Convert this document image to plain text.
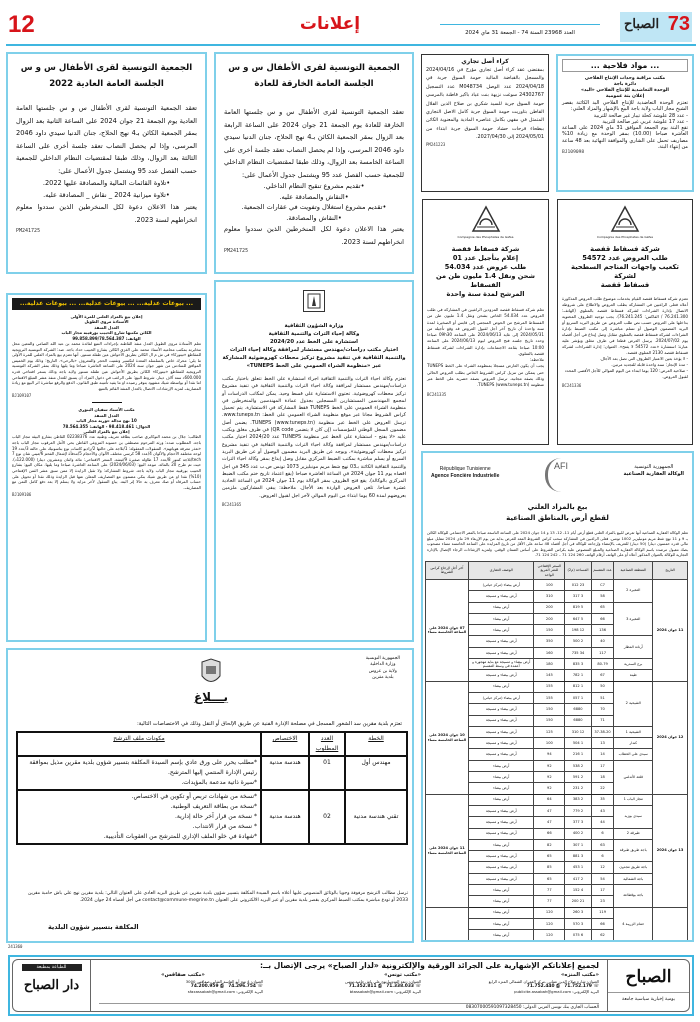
12	إعلانات	العدد 23968 السنة 74 - الجمعة 31 ماي 2024	73
الصباح
الجمعية التونسية لقرى الأطفال س و س
الجلسة العامة العادية 2022
تعقد الجمعية التونسية لقرى الأطفال س و س جلستها العامة العادية يوم الجمعة 21 جوان 2024 على الساعة الثانية بعد الزوال بمقر الجمعية الكائن بـ4 نهج الحلاج، جنان الدنيا سيدي داود 2046 المرسى، وإذا لم يحصل النصاب تعقد جلسة أخرى على الساعة الثالثة بعد الزوال، وذلك طبقا لمقتضيات النظام الداخلي للجمعية حسب الفصل عدد 95 ويشتمل جدول الأعمال على:
•تلاوة القائمات المالية والمصادقة عليها 2022.
•تلاوة ميزانية 2024 _ نقاش _ المصادقة عليه.
يعتبر هذا الاعلان دعوة لكل المنخرطين الذين سددوا معلوم انخراطهم لسنة 2023.
PM241725
الجمعية التونسية لقرى الأطفال س و س
الجلسة العامة الخارقة للعادة
تعقد الجمعية التونسية لقرى الأطفال س و س جلستها العامة الخارقة للعادة يوم الجمعة 21 جوان 2024 على الساعة الرابعة بعد الزوال بمقر الجمعية الكائن بـ4 نهج الحلاج، جنان الدنيا سيدي داود 2046 المرسى، وإذا لم يحصل النصاب تعقد جلسة أخرى على الساعة الخامسة بعد الزوال، وذلك طبقا لمقتضيات النظام الداخلي للجمعية حسب الفصل عدد 95 ويشتمل جدول الأعمال على:
•تقديم مشروع تنقيح النظام الداخلي.
•النقاش والمصادقة عليه.
•تقديم مشروع استغلال وتفويت في عقارات الجمعية.
•النقاش والمصادقة.
يعتبر هذا الاعلان دعوة لكل المنخرطين الذين سددوا معلوم انخراطهم لسنة 2023.
PM241725
كراء أصل تجاري
بمقتضى عقد كراء أصل تجاري مؤرخ في 2024/04/16 والمسجل بالقباضة المالية حومة السوق جربة في 2024/04/18 عدد الوصل M048734 عدد التسجيل 24302767 سوغت نزيهة بنت عياد باكير قاطنة بالمرسى حومة السوق جربة للسيد شكري بن صلاح الدين الفلال القاطن بتاوريت حومة السوق جربة كامل الاصل التجاري المتمثل في مقهى بكامل عناصره المادية والمعنوية الكائن ببطحاء فرحات حشاد حومة السوق جربة ابتداء من 2024/05/01 إلى 2027/04/30.
PM241223
... مواد فلاحية ...
مكتب مراقبة وحدات الإنتاج الفلاحي
دائرة باجة
الوحدة التعاضدية للإنتاج الفلاحي «البد»
إعلان بتة عمومية
تعتزم الوحدة التعاضدية للإنتاج الفلاحي البد الكائنة بقصر الشيخ مجاز الباب ولاية باجة البيع بالإشهار والمزاد العلني:
- عدد 28 علوشة كحلة تيبار غير صالحة للتربية
- عدد 17 علوشة عربي غير صالحة للتربية
تقع البتة يوم الجمعة الموافق 31 ماي 2024 على الساعة العاشرة صباحا (10.00) بمقر الوحدة مع زيادة 10% مصاريف تحمل على الشاري والموافقة النهائية بعد 48 ساعة من إنتهاء البتة.
BJ109098
Compagnie des Phosphates de Gafsa
شركة فسفاط قفصة
إعلام بتأجيل عدد 01
طلب عروض عدد 54.034
شحن ونقل 1.4 مليون طن من الفسفاط
المرشح لمدة سنة واحدة
تعلم شركة فسفاط قفصة المزودين الراغبين في المشاركة في طلب العروض عدد 54.034 الخاص بشحن ونقل 1.4 مليون طن من الفسفاط المرشح من الحوض المنجمي إلى قابس أو الصخيرة لمدة سنة واحدة أن تاريخ آخر أجل لقبول العروض قد وقع تأجيله من 2024/05/31 إلى غاية 2024/06/13 على الساعة 09h30 صباحا وحدد تاريخ جلسة فتح العروض ليوم 2024/06/13 على الساعة 10:00 صباحا بقاعة الاجتماعات بإدارة الشراءات لشركة فسفاط قفصة بالمتلوي.
ملاحظة:
يجب أن يكون العارض مسجلا بمنظومة الشراء على الخط TUNEPS حتى يتمكن من تنزيل كراس الشروط الخاص بطلب العروض الحالي وذلك بصفة مجانية. ترسل العروض بصفة حصرية على الخط عبر منظومة TUNEPS (www.tuneps.tn).
BC241335
Compagnie des Phosphates de Gafsa
شركة فسفاط قفصة
طلب العروض عدد 54572
تكعيب واجهات المناجم السطحية لشركة
فسفاط قفصة
تعتزم شركة فسفاط قفصة القيام بخدمات موضوع طلب العروض المذكورة أعلاه فعلى الراغبين في المشاركة بطلب العروض والاطلاع على شروطه الاتصال بإدارة الشراءات لشركة فسفاط قفصة بالمتلوي (الهاتف: 76.241.300 / الفاكس: 76.241.245). يجب توجيه الظروف المحتوية بداخلها على العروض حسب نص طلب العروض عن طريق البريد السريع أو البريد المضمون الوصول أو تسلم مباشرة إلى مكتب الضبط بإدارة الشراءات لشركة فسفاط قفصة بالمتلوي مقابل وصل إيداع في أجل أقصاه يوم 2024/07/02. يرسل العرض قطعا في ظرف مغلق ويؤشر عليه عبارة: استشارة «عدد 54572 لا يفتح». العنوان: إدارة الشراءات لشركة فسفاط قفصة 2130 المتلوي قفصة.
- لا يؤخذ بعين الاعتبار الظروف التي تصل بعد الأجال.
- مدة الإنجاز: سنة واحدة قابلة للتجديد مرتين.
- صلاحية العرض: 120 يوما ابتداء من اليوم الموالي للأجل الأقصى المحدد لقبول العروض.
BC241336
وزارة الشؤون الثقافية
وكالة إحياء التراث والتنمية الثقافية
استشارة على الخط عدد 2024/20
اختيار مكتب دراسات/مهندس مستشار لمرافقة وكالة إحياء التراث والتنمية الثقافية في تنفيذ مشروع تركيز محطات كهروضوئية المشاركة عبر «منظومة الشراء العمومي على الخط TUNEPS»
تعتزم وكالة احياء التراث والتنمية الثقافية اجراء استشارة على الخط تتعلق باختيار مكتب دراسات/مهندس مستشار لمرافقة وكالة احياء التراث والتنمية الثقافية في تنفيذ مشروع تركيز محطات كهروضوئية. تحتوي الاستشارة على قسط وحيد. يمكن لمكاتب الدراسات أو لمجمع المهندسين المستشارين المسجلين بجدول عمادة المهندسين والمنخرطين في منظومة الشراء العمومي على الخط TUNEPS فقط المشاركة في الاستشارة. يتم تحميل كراس الشروط مجانا عبر موقع منظومة الشراء العمومي على الخط: www.tuneps.tn. ترسل العروض على الخط عبر منظومة (www.tuneps.tn) TUNEPS. يضمن أصل مضمون السجل الوطني للمؤسسات (إن كان لا يتضمن QR code) في ظرف مغلق ويكتب عليه «لا يفتح - استشارة على الخط عبر منظومة TUNEPS عدد 2024/20 اختيار مكتب دراسات/مهندس مستشار لمرافقة وكالة احياء التراث والتنمية الثقافية في تنفيذ مشروع تركيز محطات كهروضوئية»، ويوجه عن طريق البريد مضمون الوصول أو عن طريق البريد السريع أو يسلم مباشرة بمكتب الضبط المركزي مقابل وصل إيداع بمقر وكالة احياء التراث والتنمية الثقافية الكائنة بـ03 نهج شط مريم مونبليزير 1073 تونس ص.ب عدد 345 في اجل اقصاه يوم 11 جوان 2024 في الساعة العاشرة صباحا (يقع اعتماد تاريخ ختم مكتب الضبط المركزي بالوكالة). يقع فتح الظروف بمقر الوكالة يوم 11 جوان 2024 في الساعة الحادية عشرة صباحا. تلغى العروض الواردة بعد الأجال. ملاحظة: يبقى المشاركون ملزمين بعروضهم لمدة 60 يوما ابتداء من اليوم الموالي لآخر اجل لقبول العروض.
BC241365
... بيوعات عدلية... ... بيوعات عدلية... ... بيوعات عدلية...
إعلان بيع بالمزاد العلني للمرة الأولى
الأستاذة مروى الطويل
العدل المنفذ
الكائن مكتبها شارع الحبيب بورقيبة مجاز الباب
الهاتف: 99.858.899/78.564.387
تعلم الأستاذة مروى الطويل العدل منفذ القاطنة بإجراءات التتبع لفائدة محمد بن عبد الله الصامي والمعين محل مخابرته بمكتب محاميه الأستاذ محمد علي الغزي الكائن بشارع الحبيب حداد باجة. ضد: الشركة التونسية النرويجية للمقاطع «تيتوركا» في ش م ال الكائن بطريق الأحواش عين طفلة تستور. أنها تعتزم بيع بالمزاد العلني للمرة الأولى ما يلي: محرك خاص بالسلسلة المعدة لتكسير وتفتيت الحجر والمعروف «بالرحى». التاريخ: وذلك يوم الخميس الموافق للسادس من شهر جوان سنة 2024 على الساعة العاشرة صباحا وما يليها وذلك بمقر الشركة التونسية النرويجية للمقاطع «تيتوركا» الكائن بطريق الأحواش عين طفلة تستور ولاية باجة وذلك بسعر افتتاحي قدره 600.000د ستة آلاف دينار. شروط البيع: على الراغب في دخول المزاد أن يسبق للعدل منفذ عشر المبلغ الافتتاحي اما نقدا أو بواسطة شيك مشهود بتوفر رصيده او ما يفيد تأمينه طبق القانون. الدفع والرفع مباشرة اثر البيع مع زيادة المصاريف لمزيد الإرشادات الاتصال بالعدل المنفذ القائم بالتتبع.
BJ109107
مكتب الأستاذ سفيان البنوري
العدل المنفذ
10 نهج مدالة حورية مجاز الباب
الجوال: 98.418.461 - الهاتف: 78.564.355
إعلان بيع بالمزاد العلني
الطالب: جلال بن محمد التوكابري صاحب بطاقة تعريف وطنية عدد 02238376 القاطن بشارع البيئة مجاز الباب باجة. المطلوب ضده: ورثة المرحوم مصطفى بن حسونة المزوغي القاطن بحي الأمل العرقوب مجاز الباب باجة «تعذر معرفة هوياتهم». المنقولات المعقولة: 1/ثلاجة على حالتها 2/راديو كاسات نوع بناسونيك على حالته 3/عدد 19 لوحة مختلفة الأحجام والألوان 4/عدد 58 كرسي مختلف الألوان والأحجام 5/مدفأة لإشعال الفحم 6/ميني شان نوع 7 tech/ثلاجة كنتور 8/عدد 17 طاولة صغيرة 9/ثيشة. السعر الافتتاحي: مائة واثنان وعشرون دينارا (122.000د). حيث تم طرح 20 بالمائة. موعد البيع: (2024/06/03) على الساعة العاشرة صباحا وما يليها. مكان البيع: بشارع الحبيب بورقيبة مجاز الباب ولاية باجة. شروط المشاركة: ولا تقبل الزايدة إلا ممن سبق عشر الثمن الإفتتاحي (10%) نقدا او عن طريق شيك بنكي مضمون مع المصاريف المعلن عنها قبل الزايدة وذلك نقدا أو تحويل على حساب المرفاه أو صك معرف به حالا إثر البتة. يباع المنقول لأخر مزايد ولا يسلم إلا بعد دفع كامل الثمن مع المصاريف.
BJ109106
الجمهورية التونسية
الوكالة العقارية الصناعية
AFI
République Tunisienne
Agence Foncière Industrielle
بيع بالمزاد العلني
لقطع أرض بالمناطق الصناعية
تعلم الوكالة العقارية الصناعية أنها تعرض للبيع بالمزاد العلني قطع أرض أيام 11، 12، 13 و 14 جوان 2024 على الساعة التاسعة صباحا بالمقر الاجتماعي للوكالة الكائن بـ 9 و 11 نهج شط مريم مونبليزير 1002 تونس. فعلى الراغبين في المشاركة سحب كراس الشروط المعد للعرض بداية من يوم الإربعاء 29 ماي 2024 مقابل مبلغ مالي قدره خمسون دينارا (50 دينار) للتعريف بالإمضاء وإرجاعه للوكالة في أجل أقصاه 48 ساعة على الأقل من تاريخ المزايدة على الساعة الخامسة مساء مصحوب بصك مقبول مرصده باسم الوكالة العقارية الصناعية والمبلغ المنصوص عليه بكراس الشروط على أساس الضمان الوقتي. ولمزيد الإرشادات الرجاء الإتصال بالإدارة التجارية للوكالة بالعنوان المذكور أعلاه أو على الهاتف أرقام الهاتف 260 124 71 – 242 124 71.
التاريخ	المنطقة الصناعية	عدد المقسم	المساحة (م2)	السعر الإفتتاحي للمتر المربع الواحد	الوصف العقاري	آخر أجل لإرجاع كراس الشروط
11 جوان 2024	المغيرة 2	C7	23 012	100	أرض بيضاء (مركز حياتي)	07 جوان 2024 على الساعة الخامسة مساء
		58	3 317	310	أرض بيضاء و مسيجة	
	المغيرة 3	65	5 819	200	أرض بيضاء	
		66	5 647	200	أرض بيضاء	
		136	12 198	150	أرض بيضاء	
	أرنانة المطار	40	2 500	350	أرض بيضاء و مسيجة	
		117	34 735	160	أرض بيضاء و مسيجة	
	برج السدرية	80-79	3 835	180	أرض بيضاء و مسيجة مع بناية مهجورة و أعمدة في وسط المقسم	
	طينة	67	1 782	145	أرض بيضاء و مسيجة	
12 جوان 2024	الشيحية 2	50	1 812	155	أرض بيضاء	10 جوان 2024 على الساعة الخامسة مساء
		51	1 057	155	أرض بيضاء (مركز حياتي)	
		70	6880	150	أرض بيضاء و مسيجة	
		71	6880	150	أرض بيضاء و مسيجة	
	الشيحية 1	37-38-20	12 310	125	أرض بيضاء و مسيجة	
	كندار	13	1 504	100	أرض بيضاء و مسيجة	
	سيدي علي الحطاب	14	1 216	94	أرض بيضاء و مسيجة	
	قلعة الأندلس	17	2 538	92	أرض بيضاء	
		18	2 591	92	أرض بيضاء	
		22	2 231	92	أرض بيضاء	
13 جوان 2024	مجاز الباب 1	35	2 383	64	أرض بيضاء	11 جوان 2024 على الساعة الخامسة مساء
	سيدي بوزيد	43	2 779	47	أرض بيضاء و مسيجة	
		44	3 377	47	أرض بيضاء و مسيجة	
	طبرقة 2	6	2 400	66	أرض بيضاء و مسيجة	
	باجة طريق طبرقة	63	1 307	82	أرض بيضاء	
		6	3 881	65	أرض بيضاء و مسيجة	
	باجة طريق مجدون	12	1 453	85	أرض بيضاء و مسيجة	
	باجة الشمالية	54	2 417	65	أرض بيضاء و مسيجة	
	باجة بوقطاعة	17	4 152	77	أرض بيضاء	
		23	21 200	77	أرض بيضاء	
	حمام الزريبة 4	119	3 260	120	أرض بيضاء	
		66	3 570	120	أرض بيضاء	
		62	6 075	120	أرض بيضاء	

الجمهورية التونسية
وزارة الداخلية
ولاية بن عروس
بلدية مقرين
بـــلاغ
تعتزم بلدية مقرين سد الشغور المسجل في مصلحة الإدارة الفنية عن طريق الإلحاق أو النقل وذلك في الاختصاصات التالية:
الخطة	العدد المطلوب	الاختصاص	مكونات ملف الترشح
مهندس أول	01	هندسة مدنية	*مطلب يحرر على ورق عادي بإسم السيدة المكلفة بتسيير شؤون بلدية مقرين مذيل بموافقة رئيس الإدارة المنتمي إليها المترشح.
*سيرة ذاتية مدعمة بالمؤيدات.

تقني هندسة مدنية	02	هندسة مدنية	*نسخة من شهادات تربص أو تكوين في الاختصاص.
*نسخة من بطاقة التعريف الوطنية.
* نسخة من قرار آخر حالة إدارية.
* نسخة من قرار الانتداب.
*شهادة في خلو الملف الإداري للمترشح من العقوبات التأديبية.
ترسل مطالب الترشح مرفوقة وجوبا بالوثائق المنصوص عليها أعلاه باسم السيدة المكلفة بتسيير شؤون بلدية مقرين عن طريق البريد العادي على العنوان التالي: بلدية مقرين نهج علي باش حامبة مقرين 2033 أو تودع مباشرة بمكتب الضبط المركزي بقصر بلدية مقرين أو عبر البريد الالكتروني على العنوان contact@commune-megrine.tn في أجل أقصاه 24 جوان 2024.
المكلفة بتسيير شؤون البلدية
241360
الصباح
يومية إخبارية سياسية جامعة
لجميع إعلاناتكم الإشهارية على الجرائد الورقية والإلكترونية «لدار الصباح» يرجى الإتصال بــ:
«مكتب المنزه»
العنوان: شارع صلاح الدين عماني -مركز العمران الشمالي المنزه الرابع
☏ 71.752.179   ⎙ 71.752.440
البريد الإلكتروني: publicite.assabah@gmail.com
«مكتب تونس»
العنوان: زنقة المدوبيا-نهج علي باش حامبة-تونس
☏ 71.338.033   ⎙ 71.352.811
البريد الإلكتروني: btassabah@gmail.com
«مكتب صفاقس»
العنوان: 4 نهج أبو القاسم الشابي-صفاقس 3000
☏ 74.296.754   ⎙ 74.200.959
البريد الإلكتروني: sfaxassabah@gmail.com
الحساب الجاري بنك تونس العربي الدولي: 08307000591097328450
للطباعة بمطبعة
دار الصباح
